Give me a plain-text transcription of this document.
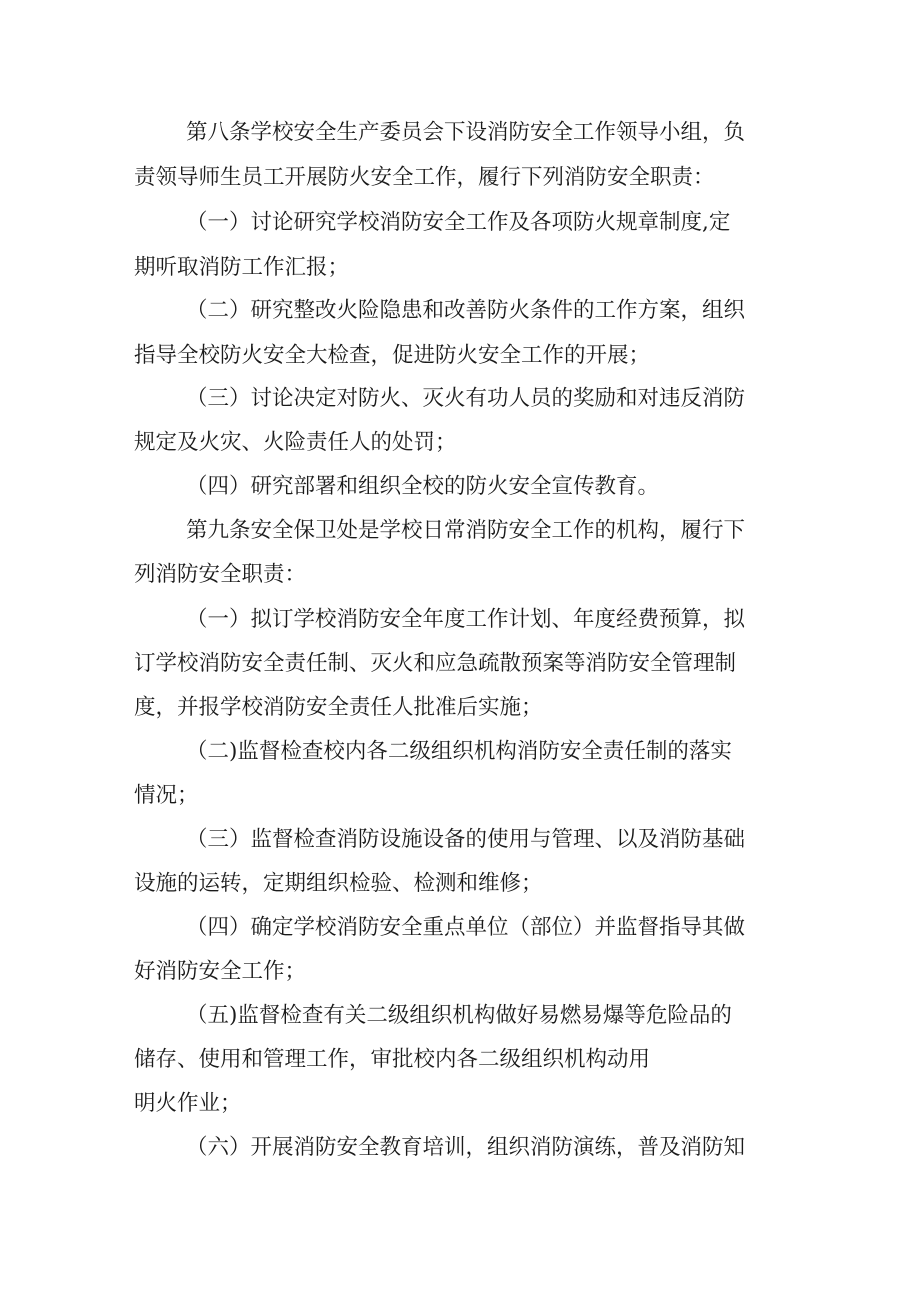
第八条学校安全生产委员会下设消防安全工作领导小组，负
责领导师生员工开展防火安全工作，履行下列消防安全职责：
（一）讨论研究学校消防安全工作及各项防火规章制度,定
期听取消防工作汇报；
（二）研究整改火险隐患和改善防火条件的工作方案，组织
指导全校防火安全大检查，促进防火安全工作的开展；
（三）讨论决定对防火、灭火有功人员的奖励和对违反消防
规定及火灾、火险责任人的处罚；
（四）研究部署和组织全校的防火安全宣传教育。
第九条安全保卫处是学校日常消防安全工作的机构，履行下
列消防安全职责：
（一）拟订学校消防安全年度工作计划、年度经费预算，拟
订学校消防安全责任制、灭火和应急疏散预案等消防安全管理制
度，并报学校消防安全责任人批准后实施；
（二)监督检查校内各二级组织机构消防安全责任制的落实
情况；
（三）监督检查消防设施设备的使用与管理、以及消防基础
设施的运转，定期组织检验、检测和维修；
（四）确定学校消防安全重点单位（部位）并监督指导其做
好消防安全工作；
（五)监督检查有关二级组织机构做好易燃易爆等危险品的
储存、使用和管理工作，审批校内各二级组织机构动用
明火作业；
（六）开展消防安全教育培训，组织消防演练，普及消防知
